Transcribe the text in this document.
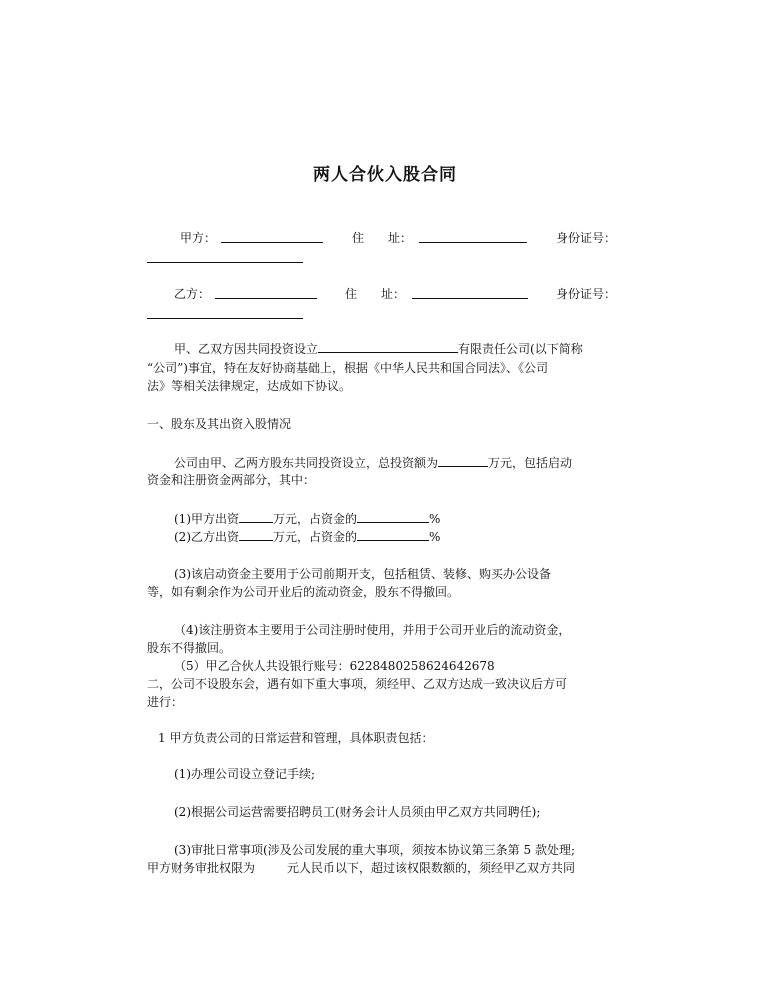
两人合伙入股合同
甲方：	住　　址：	身份证号：
乙方：	住　　址：	身份证号：
甲、乙双方因共同投资设立	有限责任公司(以下简称
“公司”)事宜，特在友好协商基础上，根据《中华人民共和国合同法》、《公司
法》等相关法律规定，达成如下协议。
一、股东及其出资入股情况
公司由甲、乙两方股东共同投资设立，总投资额为	万元，包括启动
资金和注册资金两部分，其中：
(1)甲方出资	万元，占资金的	%
(2)乙方出资	万元，占资金的	%
(3)该启动资金主要用于公司前期开支，包括租赁、装修、购买办公设备
等，如有剩余作为公司开业后的流动资金，股东不得撤回。
（4)该注册资本主要用于公司注册时使用，并用于公司开业后的流动资金，
股东不得撤回。
（5）甲乙合伙人共设银行账号：6228480258624642678
二，公司不设股东会，遇有如下重大事项，须经甲、乙双方达成一致决议后方可
进行：
1 甲方负责公司的日常运营和管理，具体职责包括：
(1)办理公司设立登记手续;
(2)根据公司运营需要招聘员工(财务会计人员须由甲乙双方共同聘任);
(3)审批日常事项(涉及公司发展的重大事项，须按本协议第三条第 5 款处理;
甲方财务审批权限为	元人民币以下，超过该权限数额的，须经甲乙双方共同
